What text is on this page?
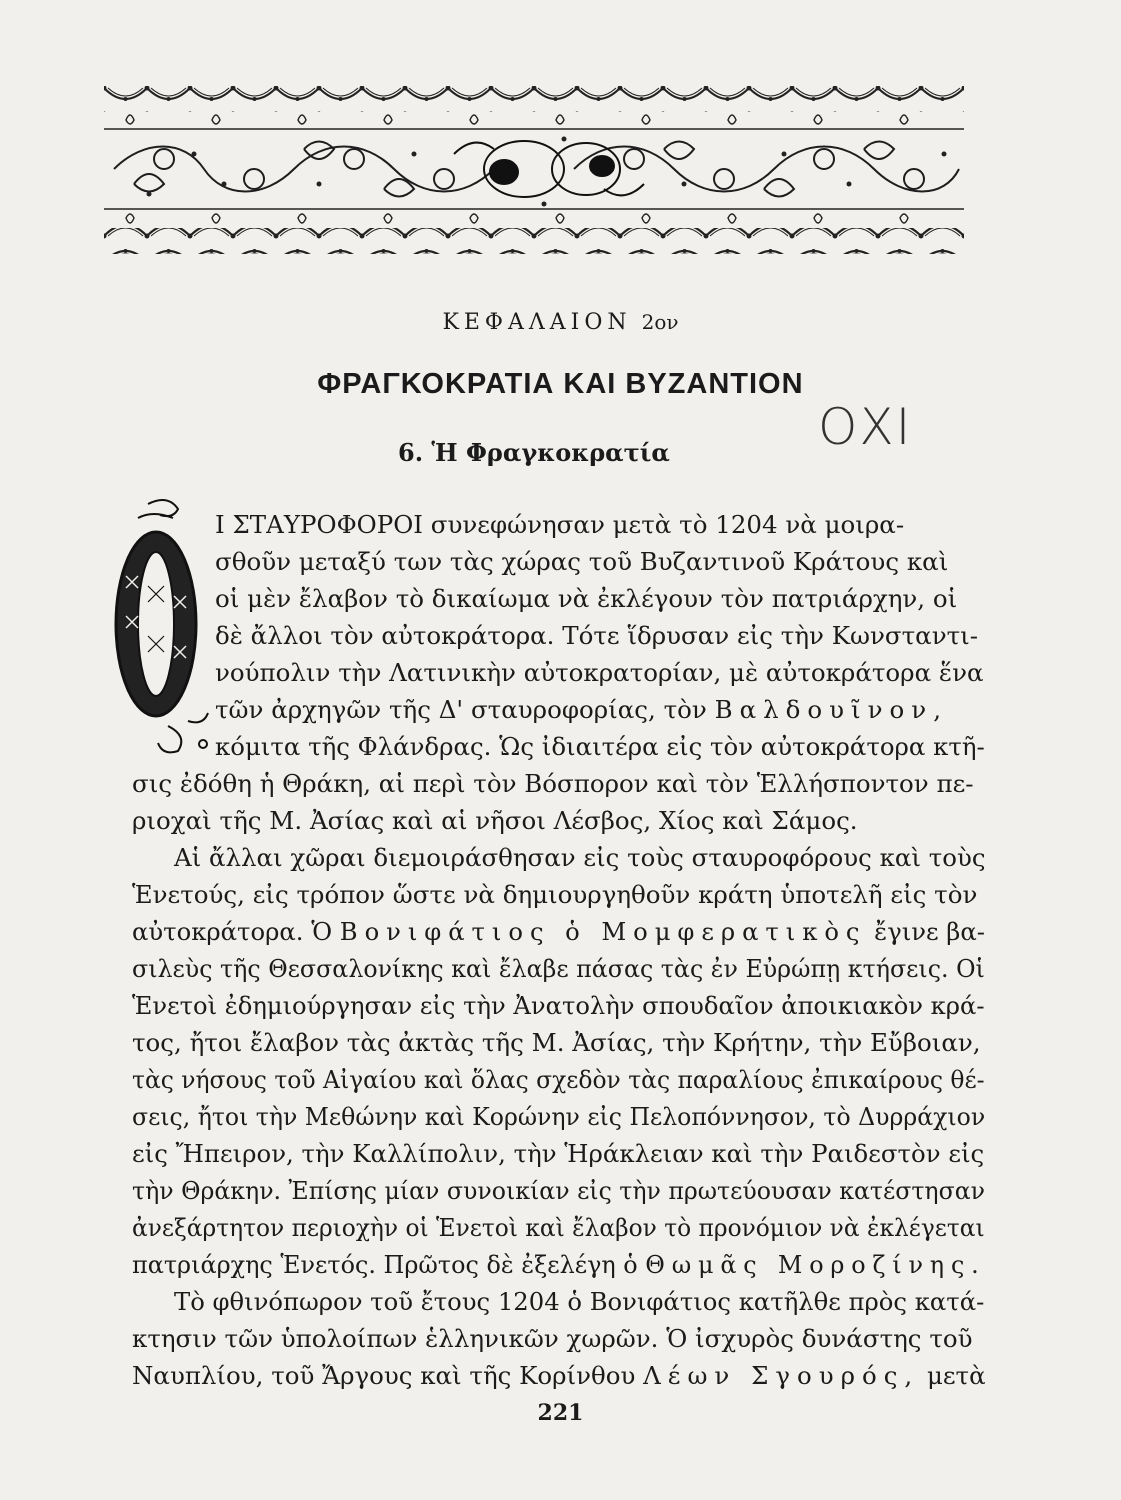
ΚΕΦΑΛΑΙΟΝ 2ον
ΦΡΑΓΚΟΚΡΑΤΙΑ ΚΑΙ ΒΥΖΑΝΤΙΟΝ
6. Ἡ Φραγκοκρατία	ΟΧΙ
Ι ΣΤΑΥΡΟΦΟΡΟΙ συνεφώνησαν μετὰ τὸ 1204 νὰ μοιρα-
σθοῦν μεταξύ των τὰς χώρας τοῦ Βυζαντινοῦ Κράτους καὶ
οἱ μὲν ἔλαβον τὸ δικαίωμα νὰ ἐκλέγουν τὸν πατριάρχην, οἱ
δὲ ἄλλοι τὸν αὐτοκράτορα. Τότε ἵδρυσαν εἰς τὴν Κωνσταντι-
νούπολιν τὴν Λατινικὴν αὐτοκρατορίαν, μὲ αὐτοκράτορα ἕνα
τῶν ἀρχηγῶν τῆς Δ' σταυροφορίας, τὸν Βαλδουῖνον,
κόμιτα τῆς Φλάνδρας. Ὡς ἰδιαιτέρα εἰς τὸν αὐτοκράτορα κτῆ-
σις ἐδόθη ἡ Θράκη, αἱ περὶ τὸν Βόσπορον καὶ τὸν Ἑλλήσποντον πε-
ριοχαὶ τῆς Μ. Ἀσίας καὶ αἱ νῆσοι Λέσβος, Χίος καὶ Σάμος.
Αἱ ἄλλαι χῶραι διεμοιράσθησαν εἰς τοὺς σταυροφόρους καὶ τοὺς
Ἑνετούς, εἰς τρόπον ὥστε νὰ δημιουργηθοῦν κράτη ὑποτελῆ εἰς τὸν
αὐτοκράτορα. Ὁ Βονιφάτιος ὁ Μομφερατικὸς ἔγινε βα-
σιλεὺς τῆς Θεσσαλονίκης καὶ ἔλαβε πάσας τὰς ἐν Εὐρώπῃ κτήσεις. Οἱ
Ἑνετοὶ ἐδημιούργησαν εἰς τὴν Ἀνατολὴν σπουδαῖον ἀποικιακὸν κρά-
τος, ἤτοι ἔλαβον τὰς ἀκτὰς τῆς Μ. Ἀσίας, τὴν Κρήτην, τὴν Εὔβοιαν,
τὰς νήσους τοῦ Αἰγαίου καὶ ὅλας σχεδὸν τὰς παραλίους ἐπικαίρους θέ-
σεις, ἤτοι τὴν Μεθώνην καὶ Κορώνην εἰς Πελοπόννησον, τὸ Δυρράχιον
εἰς Ἤπειρον, τὴν Καλλίπολιν, τὴν Ἡράκλειαν καὶ τὴν Ραιδεστὸν εἰς
τὴν Θράκην. Ἐπίσης μίαν συνοικίαν εἰς τὴν πρωτεύουσαν κατέστησαν
ἀνεξάρτητον περιοχὴν οἱ Ἑνετοὶ καὶ ἔλαβον τὸ προνόμιον νὰ ἐκλέγεται
πατριάρχης Ἑνετός. Πρῶτος δὲ ἐξελέγη ὁ Θωμᾶς Μοροζίνης.
Τὸ φθινόπωρον τοῦ ἔτους 1204 ὁ Βονιφάτιος κατῆλθε πρὸς κατά-
κτησιν τῶν ὑπολοίπων ἑλληνικῶν χωρῶν. Ὁ ἰσχυρὸς δυνάστης τοῦ
Ναυπλίου, τοῦ Ἄργους καὶ τῆς Κορίνθου Λέων Σγουρός, μετὰ
221
